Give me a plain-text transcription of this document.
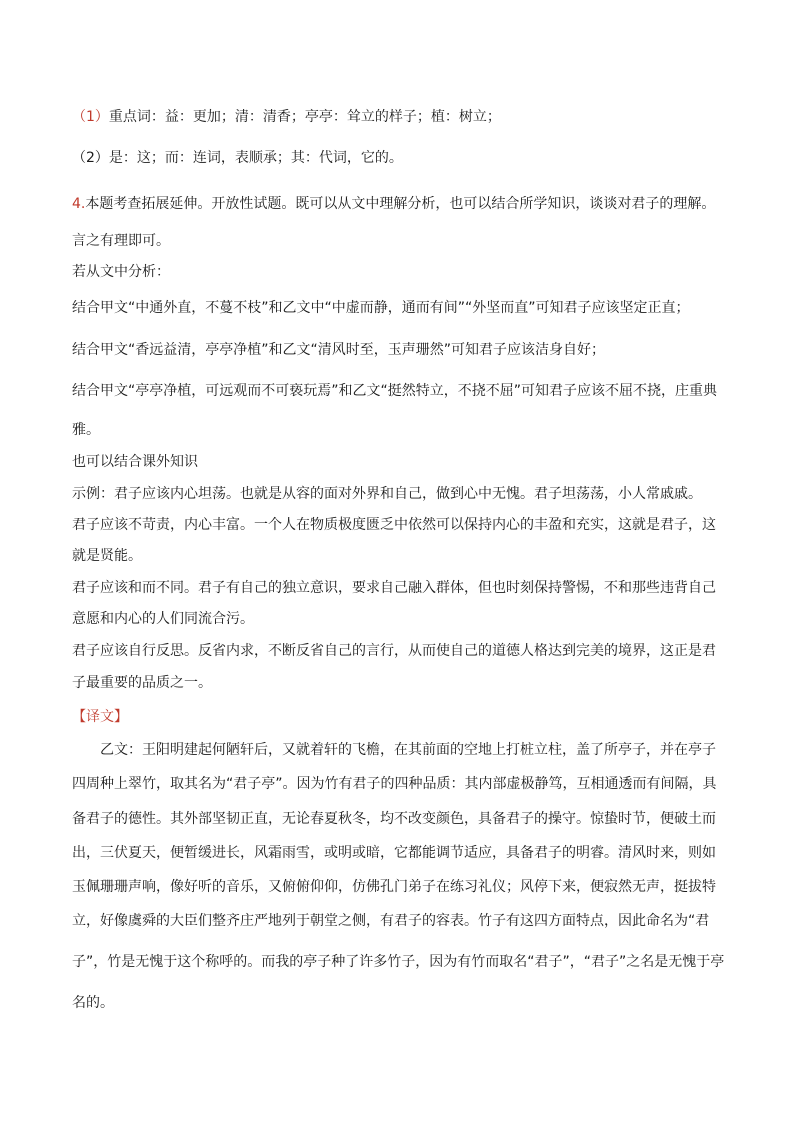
（1）重点词：益：更加；清：清香；亭亭：耸立的样子；植：树立；
（2）是：这；而：连词，表顺承；其：代词，它的。
4.本题考查拓展延伸。开放性试题。既可以从文中理解分析，也可以结合所学知识，谈谈对君子的理解。
言之有理即可。
若从文中分析：
结合甲文“中通外直，不蔓不枝”和乙文中“中虚而静，通而有间”“外坚而直”可知君子应该坚定正直；
结合甲文“香远益清，亭亭净植”和乙文“清风时至，玉声珊然”可知君子应该洁身自好；
结合甲文“亭亭净植，可远观而不可亵玩焉”和乙文“挺然特立，不挠不屈”可知君子应该不屈不挠，庄重典
雅。
也可以结合课外知识
示例：君子应该内心坦荡。也就是从容的面对外界和自己，做到心中无愧。君子坦荡荡，小人常戚戚。
君子应该不苛责，内心丰富。一个人在物质极度匮乏中依然可以保持内心的丰盈和充实，这就是君子，这
就是贤能。
君子应该和而不同。君子有自己的独立意识，要求自己融入群体，但也时刻保持警惕，不和那些违背自己
意愿和内心的人们同流合污。
君子应该自行反思。反省内求，不断反省自己的言行，从而使自己的道德人格达到完美的境界，这正是君
子最重要的品质之一。
【译文】
乙文：王阳明建起何陋轩后，又就着轩的飞檐，在其前面的空地上打桩立柱，盖了所亭子，并在亭子
四周种上翠竹，取其名为“君子亭”。因为竹有君子的四种品质：其内部虚极静笃，互相通透而有间隔，具
备君子的德性。其外部坚韧正直，无论春夏秋冬，均不改变颜色，具备君子的操守。惊蛰时节，便破土而
出，三伏夏天，便暂缓进长，风霜雨雪，或明或暗，它都能调节适应，具备君子的明睿。清风时来，则如
玉佩珊珊声响，像好听的音乐，又俯俯仰仰，仿佛孔门弟子在练习礼仪；风停下来，便寂然无声，挺拔特
立，好像虞舜的大臣们整齐庄严地列于朝堂之侧，有君子的容表。竹子有这四方面特点，因此命名为“君
子”，竹是无愧于这个称呼的。而我的亭子种了许多竹子，因为有竹而取名“君子”，“君子”之名是无愧于亭
名的。
